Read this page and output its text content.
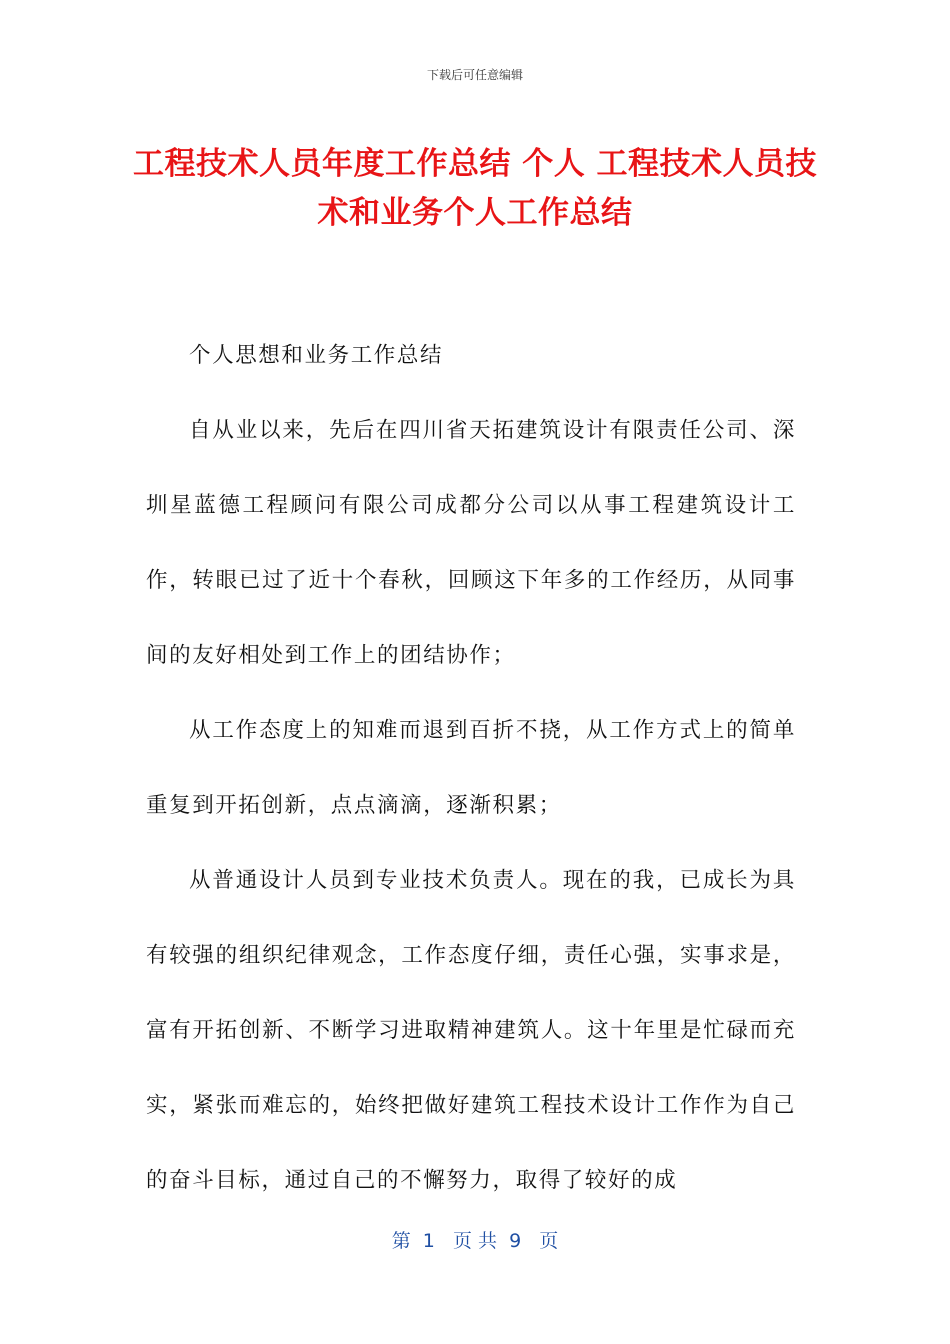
下载后可任意编辑
工程技术人员年度工作总结 个人 工程技术人员技术和业务个人工作总结

个人思想和业务工作总结

自从业以来，先后在四川省天拓建筑设计有限责任公司、深圳星蓝德工程顾问有限公司成都分公司以从事工程建筑设计工作，转眼已过了近十个春秋，回顾这下年多的工作经历，从同事间的友好相处到工作上的团结协作；

从工作态度上的知难而退到百折不挠，从工作方式上的简单重复到开拓创新，点点滴滴，逐渐积累；

从普通设计人员到专业技术负责人。现在的我，已成长为具有较强的组织纪律观念，工作态度仔细，责任心强，实事求是，富有开拓创新、不断学习进取精神建筑人。这十年里是忙碌而充实，紧张而难忘的，始终把做好建筑工程技术设计工作作为自己的奋斗目标，通过自己的不懈努力，取得了较好的成

第  1   页 共  9   页
